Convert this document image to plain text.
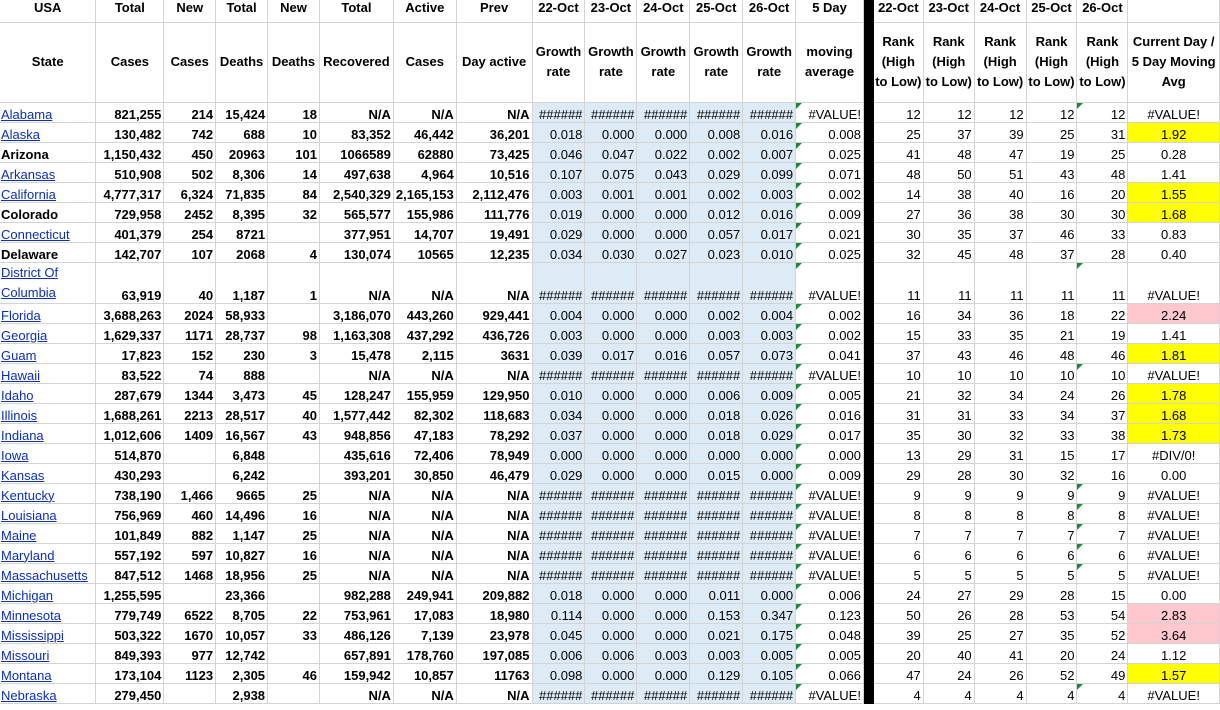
USA	Total	New	Total	New	Total	Active	Prev	22-Oct	23-Oct	24-Oct	25-Oct	26-Oct	5 Day		22-Oct	23-Oct	24-Oct	25-Oct	26-Oct	
State	Cases	Cases	Deaths	Deaths	Recovered	Cases	Day active	Growth rate	Growth rate	Growth rate	Growth rate	Growth rate	moving average		Rank (High to Low)	Rank (High to Low)	Rank (High to Low)	Rank (High to Low)	Rank (High to Low)	Current Day / 5 Day Moving Avg
Alabama	821,255	214	15,424	18	N/A	N/A	N/A	######	######	######	######	######	#VALUE!		12	12	12	12	12	#VALUE!
Alaska	130,482	742	688	10	83,352	46,442	36,201	0.018	0.000	0.000	0.008	0.016	0.008		25	37	39	25	31	1.92
Arizona	1,150,432	450	20963	101	1066589	62880	73,425	0.046	0.047	0.022	0.002	0.007	0.025		41	48	47	19	25	0.28
Arkansas	510,908	502	8,306	14	497,638	4,964	10,516	0.107	0.075	0.043	0.029	0.099	0.071		48	50	51	43	48	1.41
California	4,777,317	6,324	71,835	84	2,540,329	2,165,153	2,112,476	0.003	0.001	0.001	0.002	0.003	0.002		14	38	40	16	20	1.55
Colorado	729,958	2452	8,395	32	565,577	155,986	111,776	0.019	0.000	0.000	0.012	0.016	0.009		27	36	38	30	30	1.68
Connecticut	401,379	254	8721		377,951	14,707	19,491	0.029	0.000	0.000	0.057	0.017	0.021		30	35	37	46	33	0.83
Delaware	142,707	107	2068	4	130,074	10565	12,235	0.034	0.030	0.027	0.023	0.010	0.025		32	45	48	37	28	0.40
District Of Columbia	63,919	40	1,187	1	N/A	N/A	N/A	######	######	######	######	######	#VALUE!		11	11	11	11	11	#VALUE!
Florida	3,688,263	2024	58,933		3,186,070	443,260	929,441	0.004	0.000	0.000	0.002	0.004	0.002		16	34	36	18	22	2.24
Georgia	1,629,337	1171	28,737	98	1,163,308	437,292	436,726	0.003	0.000	0.000	0.003	0.003	0.002		15	33	35	21	19	1.41
Guam	17,823	152	230	3	15,478	2,115	3631	0.039	0.017	0.016	0.057	0.073	0.041		37	43	46	48	46	1.81
Hawaii	83,522	74	888		N/A	N/A	N/A	######	######	######	######	######	#VALUE!		10	10	10	10	10	#VALUE!
Idaho	287,679	1344	3,473	45	128,247	155,959	129,950	0.010	0.000	0.000	0.006	0.009	0.005		21	32	34	24	26	1.78
Illinois	1,688,261	2213	28,517	40	1,577,442	82,302	118,683	0.034	0.000	0.000	0.018	0.026	0.016		31	31	33	34	37	1.68
Indiana	1,012,606	1409	16,567	43	948,856	47,183	78,292	0.037	0.000	0.000	0.018	0.029	0.017		35	30	32	33	38	1.73
Iowa	514,870		6,848		435,616	72,406	78,949	0.000	0.000	0.000	0.000	0.000	0.000		13	29	31	15	17	#DIV/0!
Kansas	430,293		6,242		393,201	30,850	46,479	0.029	0.000	0.000	0.015	0.000	0.009		29	28	30	32	16	0.00
Kentucky	738,190	1,466	9665	25	N/A	N/A	N/A	######	######	######	######	######	#VALUE!		9	9	9	9	9	#VALUE!
Louisiana	756,969	460	14,496	16	N/A	N/A	N/A	######	######	######	######	######	#VALUE!		8	8	8	8	8	#VALUE!
Maine	101,849	882	1,147	25	N/A	N/A	N/A	######	######	######	######	######	#VALUE!		7	7	7	7	7	#VALUE!
Maryland	557,192	597	10,827	16	N/A	N/A	N/A	######	######	######	######	######	#VALUE!		6	6	6	6	6	#VALUE!
Massachusetts	847,512	1468	18,956	25	N/A	N/A	N/A	######	######	######	######	######	#VALUE!		5	5	5	5	5	#VALUE!
Michigan	1,255,595		23,366		982,288	249,941	209,882	0.018	0.000	0.000	0.011	0.000	0.006		24	27	29	28	15	0.00
Minnesota	779,749	6522	8,705	22	753,961	17,083	18,980	0.114	0.000	0.000	0.153	0.347	0.123		50	26	28	53	54	2.83
Mississippi	503,322	1670	10,057	33	486,126	7,139	23,978	0.045	0.000	0.000	0.021	0.175	0.048		39	25	27	35	52	3.64
Missouri	849,393	977	12,742		657,891	178,760	197,085	0.006	0.006	0.003	0.003	0.005	0.005		20	40	41	20	24	1.12
Montana	173,104	1123	2,305	46	159,942	10,857	11763	0.098	0.000	0.000	0.129	0.105	0.066		47	24	26	52	49	1.57
Nebraska	279,450		2,938		N/A	N/A	N/A	######	######	######	######	######	#VALUE!		4	4	4	4	4	#VALUE!
